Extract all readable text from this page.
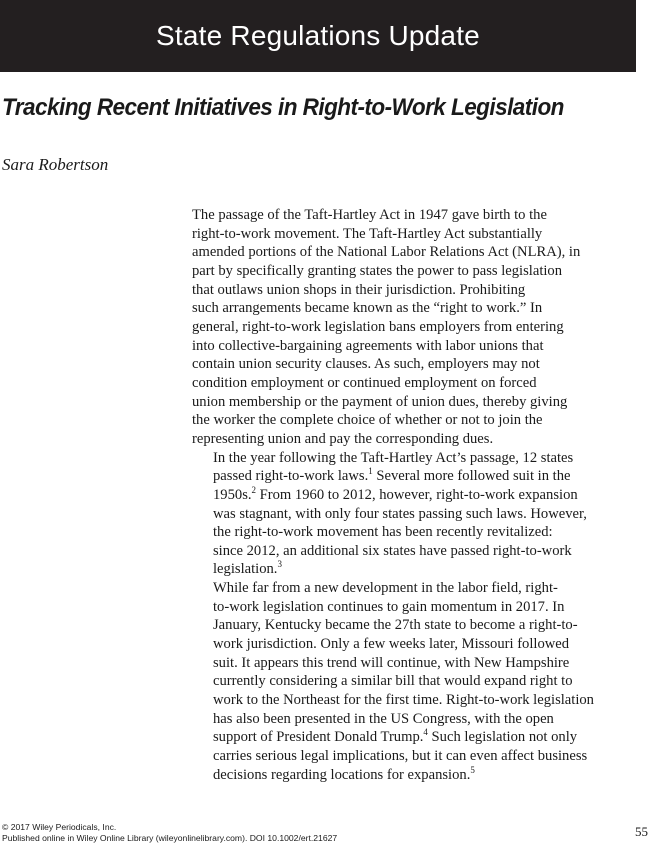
State Regulations Update
Tracking Recent Initiatives in Right-to-Work Legislation
Sara Robertson

The passage of the Taft-Hartley Act in 1947 gave birth to the
right-to-work movement. The Taft-Hartley Act substantially
amended portions of the National Labor Relations Act (NLRA), in
part by specifically granting states the power to pass legislation
that outlaws union shops in their jurisdiction. Prohibiting
such arrangements became known as the “right to work.” In
general, right-to-work legislation bans employers from entering
into collective-bargaining agreements with labor unions that
contain union security clauses. As such, employers may not
condition employment or continued employment on forced
union membership or the payment of union dues, thereby giving
the worker the complete choice of whether or not to join the
representing union and pay the corresponding dues.

In the year following the Taft-Hartley Act’s passage, 12 states
passed right-to-work laws.$^1$ Several more followed suit in the
1950s.$^2$ From 1960 to 2012, however, right-to-work expansion
was stagnant, with only four states passing such laws. However,
the right-to-work movement has been recently revitalized:
since 2012, an additional six states have passed right-to-work
legislation.$^3$

While far from a new development in the labor field, right-
to-work legislation continues to gain momentum in 2017. In
January, Kentucky became the 27th state to become a right-to-
work jurisdiction. Only a few weeks later, Missouri followed
suit. It appears this trend will continue, with New Hampshire
currently considering a similar bill that would expand right to
work to the Northeast for the first time. Right-to-work legislation
has also been presented in the US Congress, with the open
support of President Donald Trump.$^4$ Such legislation not only
carries serious legal implications, but it can even affect business
decisions regarding locations for expansion.$^5$

© 2017 Wiley Periodicals, Inc.
Published online in Wiley Online Library (wileyonlinelibrary.com). DOI 10.1002/ert.21627	55
